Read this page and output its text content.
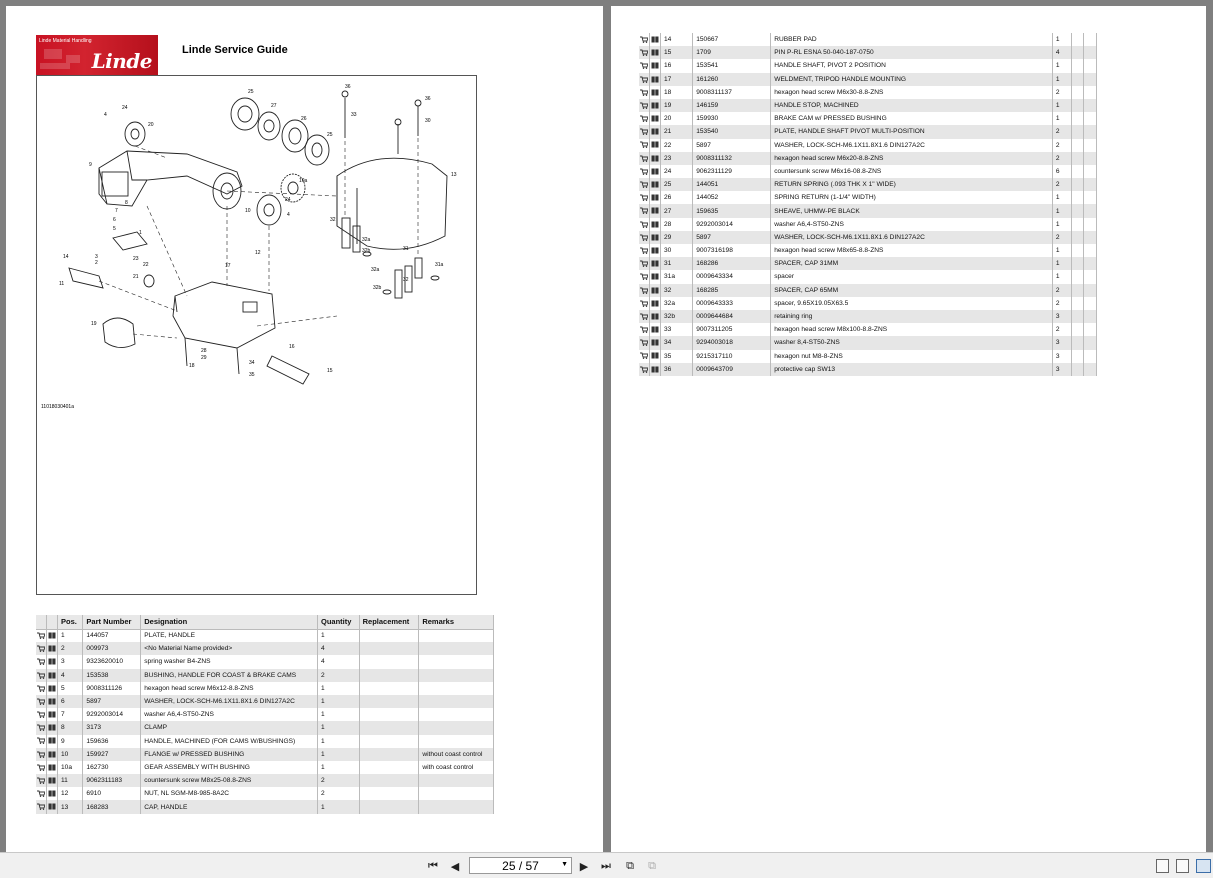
Linde Material Handling
Linde	Linde Service Guide
36
25
27
26
25
33
36
30
4
24
20
9
13
10a
24
8
7
6
5
10
4
1
32
32a
32b	31
31a
32a
32
32b
3
2
23
22
12
17
14
21
11
19
16
28
29
18	34
35
15
11018030401a
		Pos.	Part Number	Designation	Quantity	Replacement	Remarks
		1	144057	PLATE, HANDLE	1		
		2	009973	<No Material Name provided>	4		
		3	9323620010	spring washer B4-ZNS	4		
		4	153538	BUSHING, HANDLE FOR COAST & BRAKE CAMS	2		
		5	9008311126	hexagon head screw M6x12-8.8-ZNS	1		
		6	5897	WASHER, LOCK-SCH-M6.1X11.8X1.6 DIN127A2C	1		
		7	9292003014	washer A6,4-ST50-ZNS	1		
		8	3173	CLAMP	1		
		9	159636	HANDLE, MACHINED (FOR CAMS W/BUSHINGS)	1		
		10	159927	FLANGE w/ PRESSED BUSHING	1		without coast control
		10a	162730	GEAR ASSEMBLY WITH BUSHING	1		with coast control
		11	9062311183	countersunk screw M8x25-08.8-ZNS	2		
		12	6910	NUT, NL SGM-M8-985-8A2C	2		
		13	168283	CAP, HANDLE	1		
		14	150667	RUBBER PAD	1		
		15	1709	PIN P-RL ESNA 50-040-187-0750	4		
		16	153541	HANDLE SHAFT, PIVOT 2 POSITION	1		
		17	161260	WELDMENT, TRIPOD HANDLE MOUNTING	1		
		18	9008311137	hexagon head screw M6x30-8.8-ZNS	2		
		19	146159	HANDLE STOP, MACHINED	1		
		20	159930	BRAKE CAM w/ PRESSED BUSHING	1		
		21	153540	PLATE, HANDLE SHAFT PIVOT MULTI-POSITION	2		
		22	5897	WASHER, LOCK-SCH-M6.1X11.8X1.6 DIN127A2C	2		
		23	9008311132	hexagon head screw M6x20-8.8-ZNS	2		
		24	9062311129	countersunk screw M6x16-08.8-ZNS	6		
		25	144051	RETURN SPRING (.093 THK X 1" WIDE)	2		
		26	144052	SPRING RETURN (1-1/4" WIDTH)	1		
		27	159635	SHEAVE, UHMW-PE BLACK	1		
		28	9292003014	washer A6,4-ST50-ZNS	1		
		29	5897	WASHER, LOCK-SCH-M6.1X11.8X1.6 DIN127A2C	2		
		30	9007316198	hexagon head screw M8x65-8.8-ZNS	1		
		31	168286	SPACER, CAP 31MM	1		
		31a	0009643334	spacer	1		
		32	168285	SPACER, CAP 65MM	2		
		32a	0009643333	spacer, 9.65X19.05X63.5	2		
		32b	0009644684	retaining ring	3		
		33	9007311205	hexagon head screw M8x100-8.8-ZNS	2		
		34	9294003018	washer 8,4-ST50-ZNS	3		
		35	9215317110	hexagon nut M8-8-ZNS	3		
		36	0009643709	protective cap SW13	3		
⏮	◀	25 / 57	▼	▶	⏭	⧉	⧉
